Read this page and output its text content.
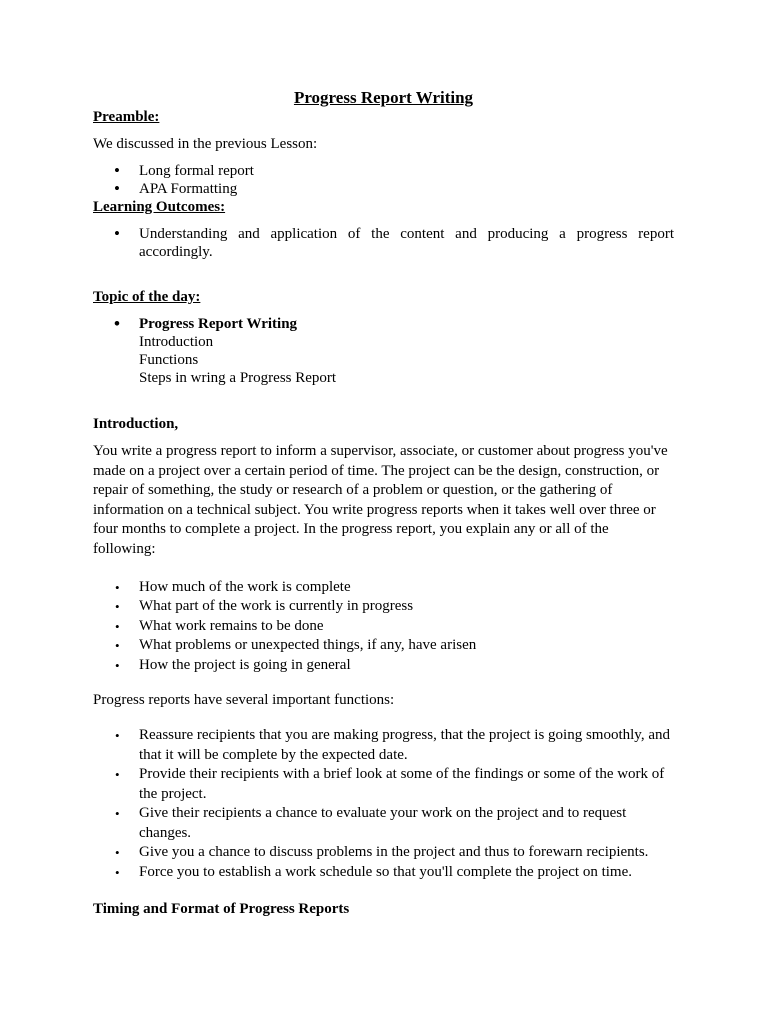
Progress Report Writing
Preamble:

We discussed in the previous Lesson:

• Long formal report
• APA Formatting
Learning Outcomes:
• Understanding and application of the content and producing a progress report accordingly.
Topic of the day:
• Progress Report Writing
Introduction
Functions
Steps in wring a Progress Report
Introduction,

You write a progress report to inform a supervisor, associate, or customer about progress you've made on a project over a certain period of time. The project can be the design, construction, or repair of something, the study or research of a problem or question, or the gathering of information on a technical subject. You write progress reports when it takes well over three or four months to complete a project. In the progress report, you explain any or all of the following:

• How much of the work is complete
• What part of the work is currently in progress
• What work remains to be done
• What problems or unexpected things, if any, have arisen
• How the project is going in general

Progress reports have several important functions:

• Reassure recipients that you are making progress, that the project is going smoothly, and that it will be complete by the expected date.
• Provide their recipients with a brief look at some of the findings or some of the work of the project.
• Give their recipients a chance to evaluate your work on the project and to request changes.
• Give you a chance to discuss problems in the project and thus to forewarn recipients.
• Force you to establish a work schedule so that you'll complete the project on time.
Timing and Format of Progress Reports
